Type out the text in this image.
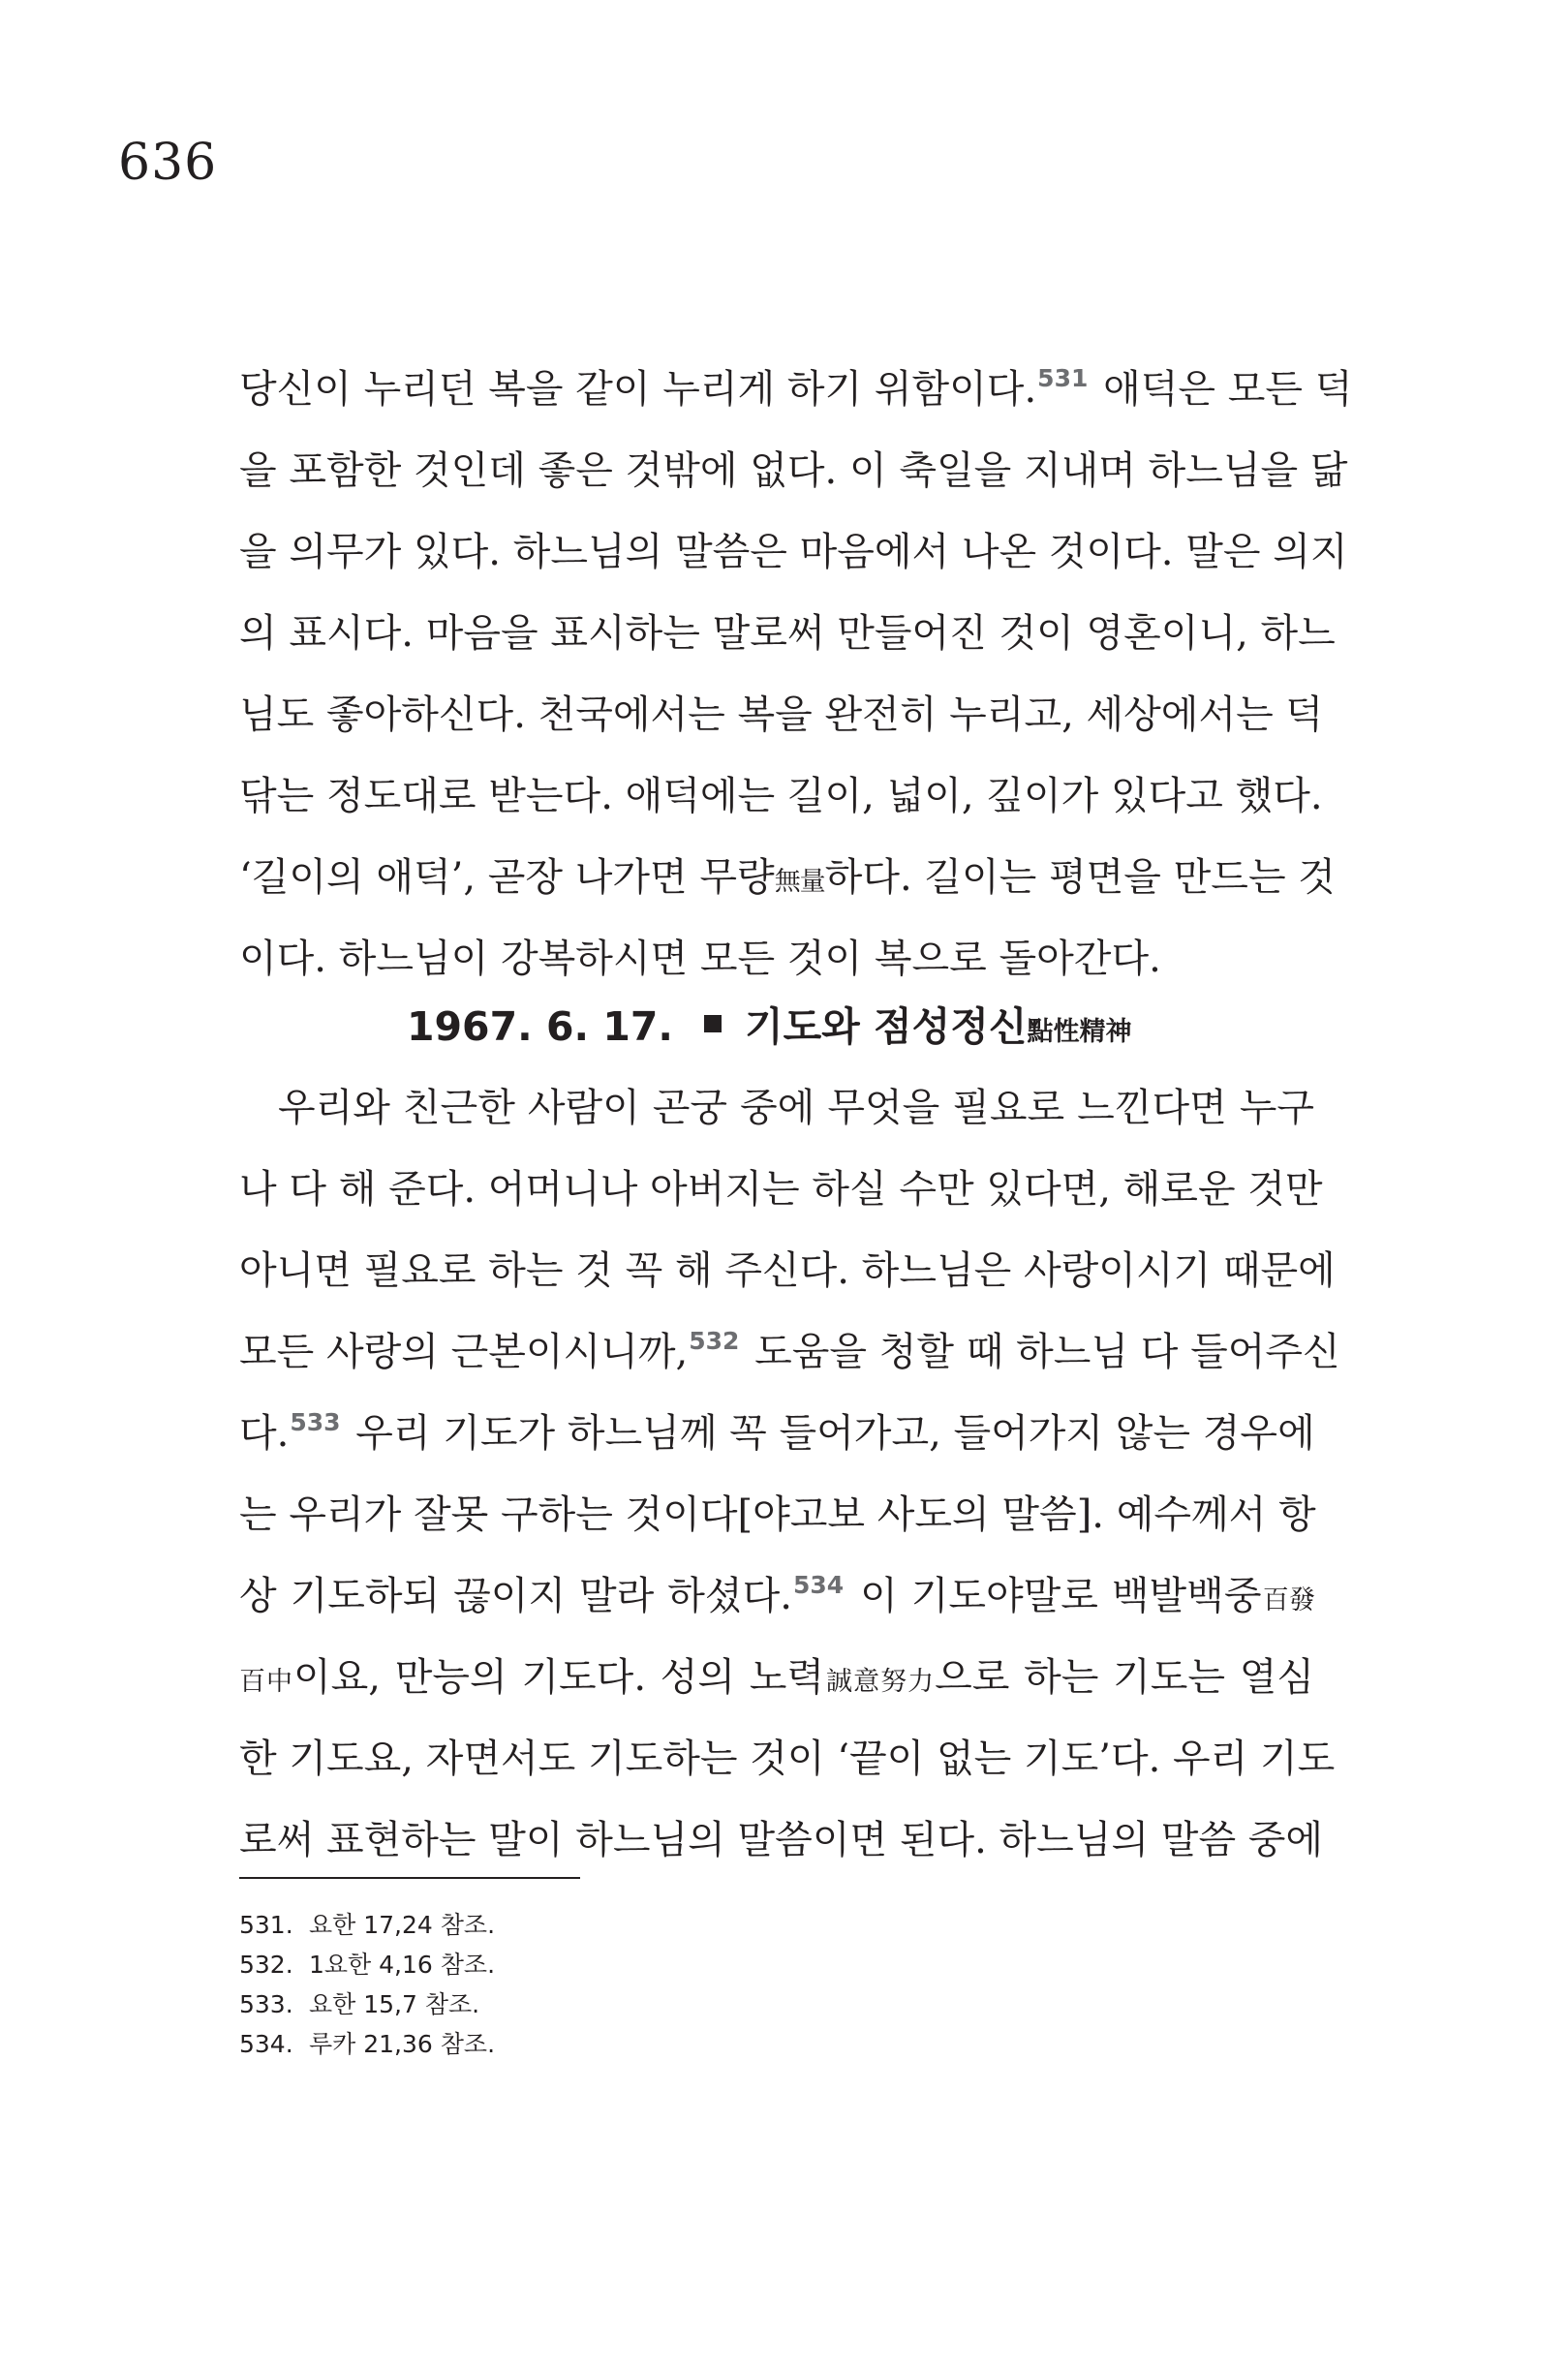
636
당신이 누리던 복을 같이 누리게 하기 위함이다.$^{531}$ 애덕은 모든 덕
을 포함한 것인데 좋은 것밖에 없다. 이 축일을 지내며 하느님을 닮
을 의무가 있다. 하느님의 말씀은 마음에서 나온 것이다. 말은 의지
의 표시다. 마음을 표시하는 말로써 만들어진 것이 영혼이니, 하느
님도 좋아하신다. 천국에서는 복을 완전히 누리고, 세상에서는 덕
닦는 정도대로 받는다. 애덕에는 길이, 넓이, 깊이가 있다고 했다.
‘길이의 애덕’, 곧장 나가면 무량無量하다. 길이는 평면을 만드는 것
이다. 하느님이 강복하시면 모든 것이 복으로 돌아간다.
1967. 6. 17. 기도와 점성정신點性精神
우리와 친근한 사람이 곤궁 중에 무엇을 필요로 느낀다면 누구
나 다 해 준다. 어머니나 아버지는 하실 수만 있다면, 해로운 것만
아니면 필요로 하는 것 꼭 해 주신다. 하느님은 사랑이시기 때문에
모든 사랑의 근본이시니까,$^{532}$ 도움을 청할 때 하느님 다 들어주신
다.$^{533}$ 우리 기도가 하느님께 꼭 들어가고, 들어가지 않는 경우에
는 우리가 잘못 구하는 것이다[야고보 사도의 말씀]. 예수께서 항
상 기도하되 끊이지 말라 하셨다.$^{534}$ 이 기도야말로 백발백중百發
百中이요, 만능의 기도다. 성의 노력誠意努力으로 하는 기도는 열심
한 기도요, 자면서도 기도하는 것이 ‘끝이 없는 기도’다. 우리 기도
로써 표현하는 말이 하느님의 말씀이면 된다. 하느님의 말씀 중에
531. 요한 17,24 참조.
532. 1요한 4,16 참조.
533. 요한 15,7 참조.
534. 루카 21,36 참조.
